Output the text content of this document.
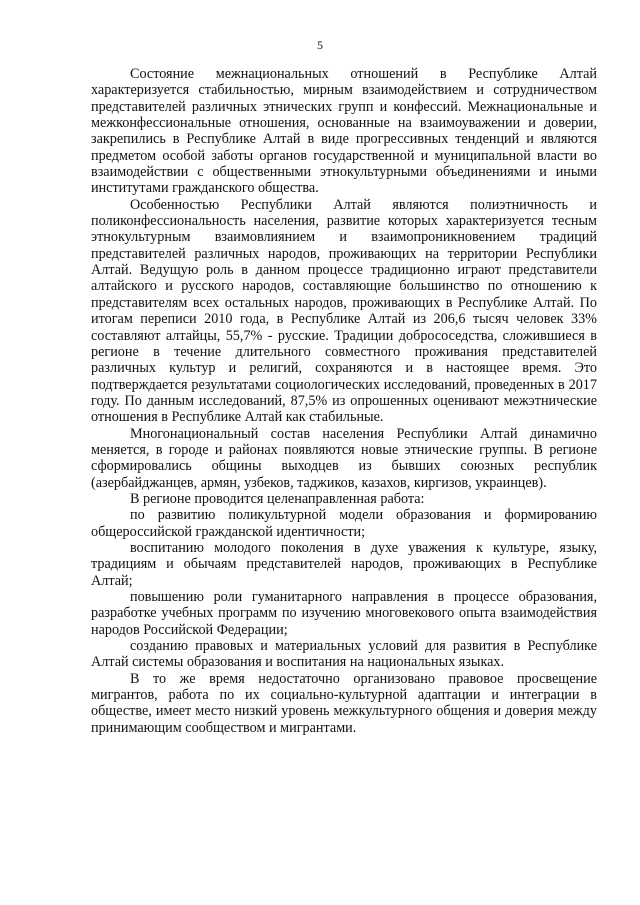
5

Состояние межнациональных отношений в Республике Алтай характеризуется стабильностью, мирным взаимодействием и сотрудничеством представителей различных этнических групп и конфессий. Межнациональные и межконфессиональные отношения, основанные на взаимоуважении и доверии, закрепились в Республике Алтай в виде прогрессивных тенденций и являются предметом особой заботы органов государственной и муниципальной власти во взаимодействии с общественными этнокультурными объединениями и иными институтами гражданского общества.

Особенностью Республики Алтай являются полиэтничность и поликонфессиональность населения, развитие которых характеризуется тесным этнокультурным взаимовлиянием и взаимопроникновением традиций представителей различных народов, проживающих на территории Республики Алтай. Ведущую роль в данном процессе традиционно играют представители алтайского и русского народов, составляющие большинство по отношению к представителям всех остальных народов, проживающих в Республике Алтай. По итогам переписи 2010 года, в Республике Алтай из 206,6 тысяч человек 33% составляют алтайцы, 55,7% - русские. Традиции добрососедства, сложившиеся в регионе в течение длительного совместного проживания представителей различных культур и религий, сохраняются и в настоящее время. Это подтверждается результатами социологических исследований, проведенных в 2017 году. По данным исследований, 87,5% из опрошенных оценивают межэтнические отношения в Республике Алтай как стабильные.

Многонациональный состав населения Республики Алтай динамично меняется, в городе и районах появляются новые этнические группы. В регионе сформировались общины выходцев из бывших союзных республик (азербайджанцев, армян, узбеков, таджиков, казахов, киргизов, украинцев).

В регионе проводится целенаправленная работа:

по развитию поликультурной модели образования и формированию общероссийской гражданской идентичности;

воспитанию молодого поколения в духе уважения к культуре, языку, традициям и обычаям представителей народов, проживающих в Республике Алтай;

повышению роли гуманитарного направления в процессе образования, разработке учебных программ по изучению многовекового опыта взаимодействия народов Российской Федерации;

созданию правовых и материальных условий для развития в Республике Алтай системы образования и воспитания на национальных языках.

В то же время недостаточно организовано правовое просвещение мигрантов, работа по их социально-культурной адаптации и интеграции в обществе, имеет место низкий уровень межкультурного общения и доверия между принимающим сообществом и мигрантами.
